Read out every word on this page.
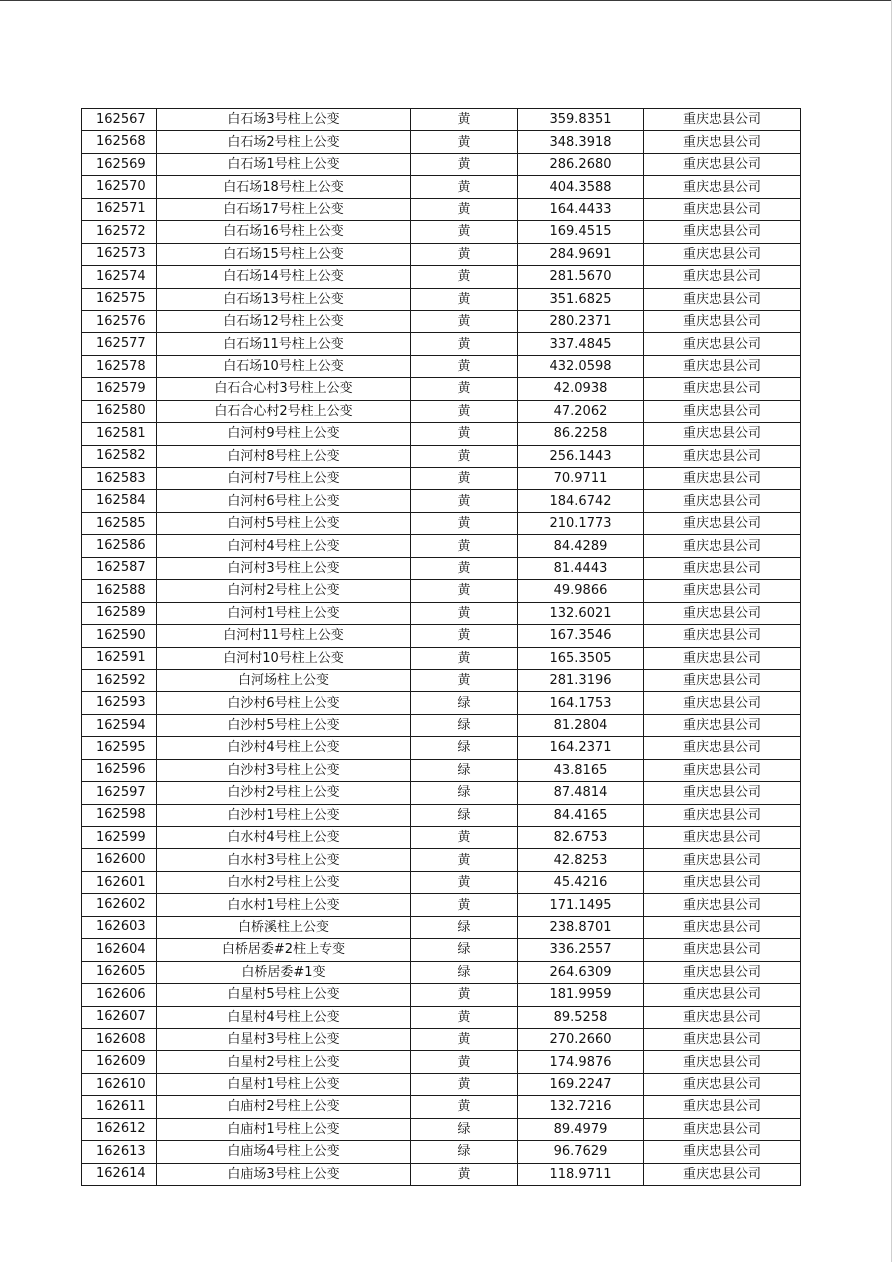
162567	白石场3号柱上公变	黄	359.8351	重庆忠县公司
162568	白石场2号柱上公变	黄	348.3918	重庆忠县公司
162569	白石场1号柱上公变	黄	286.2680	重庆忠县公司
162570	白石场18号柱上公变	黄	404.3588	重庆忠县公司
162571	白石场17号柱上公变	黄	164.4433	重庆忠县公司
162572	白石场16号柱上公变	黄	169.4515	重庆忠县公司
162573	白石场15号柱上公变	黄	284.9691	重庆忠县公司
162574	白石场14号柱上公变	黄	281.5670	重庆忠县公司
162575	白石场13号柱上公变	黄	351.6825	重庆忠县公司
162576	白石场12号柱上公变	黄	280.2371	重庆忠县公司
162577	白石场11号柱上公变	黄	337.4845	重庆忠县公司
162578	白石场10号柱上公变	黄	432.0598	重庆忠县公司
162579	白石合心村3号柱上公变	黄	42.0938	重庆忠县公司
162580	白石合心村2号柱上公变	黄	47.2062	重庆忠县公司
162581	白河村9号柱上公变	黄	86.2258	重庆忠县公司
162582	白河村8号柱上公变	黄	256.1443	重庆忠县公司
162583	白河村7号柱上公变	黄	70.9711	重庆忠县公司
162584	白河村6号柱上公变	黄	184.6742	重庆忠县公司
162585	白河村5号柱上公变	黄	210.1773	重庆忠县公司
162586	白河村4号柱上公变	黄	84.4289	重庆忠县公司
162587	白河村3号柱上公变	黄	81.4443	重庆忠县公司
162588	白河村2号柱上公变	黄	49.9866	重庆忠县公司
162589	白河村1号柱上公变	黄	132.6021	重庆忠县公司
162590	白河村11号柱上公变	黄	167.3546	重庆忠县公司
162591	白河村10号柱上公变	黄	165.3505	重庆忠县公司
162592	白河场柱上公变	黄	281.3196	重庆忠县公司
162593	白沙村6号柱上公变	绿	164.1753	重庆忠县公司
162594	白沙村5号柱上公变	绿	81.2804	重庆忠县公司
162595	白沙村4号柱上公变	绿	164.2371	重庆忠县公司
162596	白沙村3号柱上公变	绿	43.8165	重庆忠县公司
162597	白沙村2号柱上公变	绿	87.4814	重庆忠县公司
162598	白沙村1号柱上公变	绿	84.4165	重庆忠县公司
162599	白水村4号柱上公变	黄	82.6753	重庆忠县公司
162600	白水村3号柱上公变	黄	42.8253	重庆忠县公司
162601	白水村2号柱上公变	黄	45.4216	重庆忠县公司
162602	白水村1号柱上公变	黄	171.1495	重庆忠县公司
162603	白桥溪柱上公变	绿	238.8701	重庆忠县公司
162604	白桥居委#2柱上专变	绿	336.2557	重庆忠县公司
162605	白桥居委#1变	绿	264.6309	重庆忠县公司
162606	白星村5号柱上公变	黄	181.9959	重庆忠县公司
162607	白星村4号柱上公变	黄	89.5258	重庆忠县公司
162608	白星村3号柱上公变	黄	270.2660	重庆忠县公司
162609	白星村2号柱上公变	黄	174.9876	重庆忠县公司
162610	白星村1号柱上公变	黄	169.2247	重庆忠县公司
162611	白庙村2号柱上公变	黄	132.7216	重庆忠县公司
162612	白庙村1号柱上公变	绿	89.4979	重庆忠县公司
162613	白庙场4号柱上公变	绿	96.7629	重庆忠县公司
162614	白庙场3号柱上公变	黄	118.9711	重庆忠县公司
